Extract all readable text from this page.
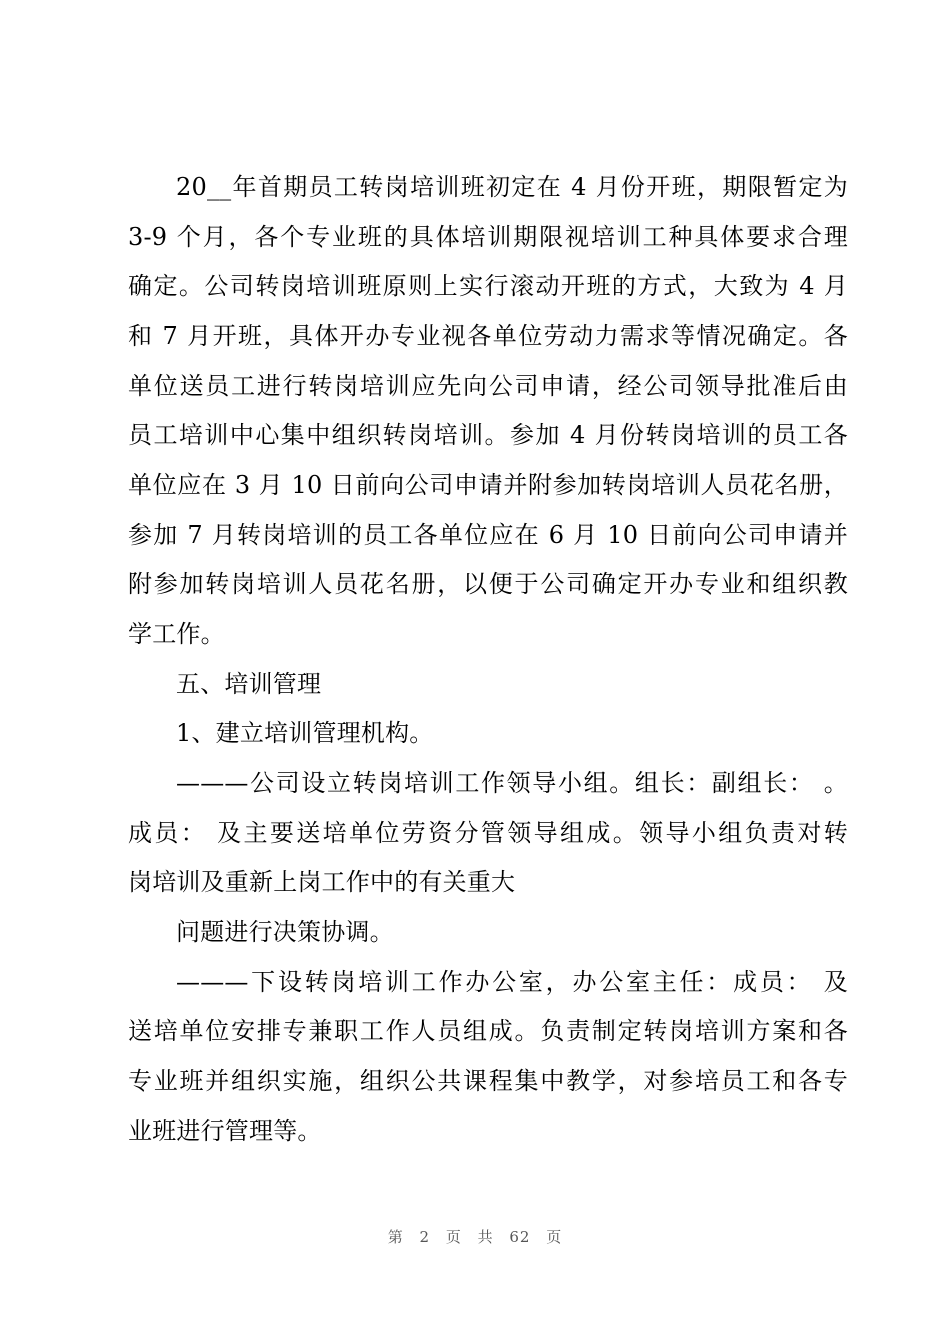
20__年首期员工转岗培训班初定在 4 月份开班，期限暂定为
3-9 个月，各个专业班的具体培训期限视培训工种具体要求合理
确定。公司转岗培训班原则上实行滚动开班的方式，大致为 4 月
和 7 月开班，具体开办专业视各单位劳动力需求等情况确定。各
单位送员工进行转岗培训应先向公司申请，经公司领导批准后由
员工培训中心集中组织转岗培训。参加 4 月份转岗培训的员工各
单位应在 3 月 10 日前向公司申请并附参加转岗培训人员花名册，
参加 7 月转岗培训的员工各单位应在 6 月 10 日前向公司申请并
附参加转岗培训人员花名册，以便于公司确定开办专业和组织教
学工作。
五、培训管理
1、建立培训管理机构。
———公司设立转岗培训工作领导小组。组长：副组长： 。
成员： 及主要送培单位劳资分管领导组成。领导小组负责对转
岗培训及重新上岗工作中的有关重大
问题进行决策协调。
———下设转岗培训工作办公室，办公室主任：成员： 及
送培单位安排专兼职工作人员组成。负责制定转岗培训方案和各
专业班并组织实施，组织公共课程集中教学，对参培员工和各专
业班进行管理等。
第 2 页 共 62 页
